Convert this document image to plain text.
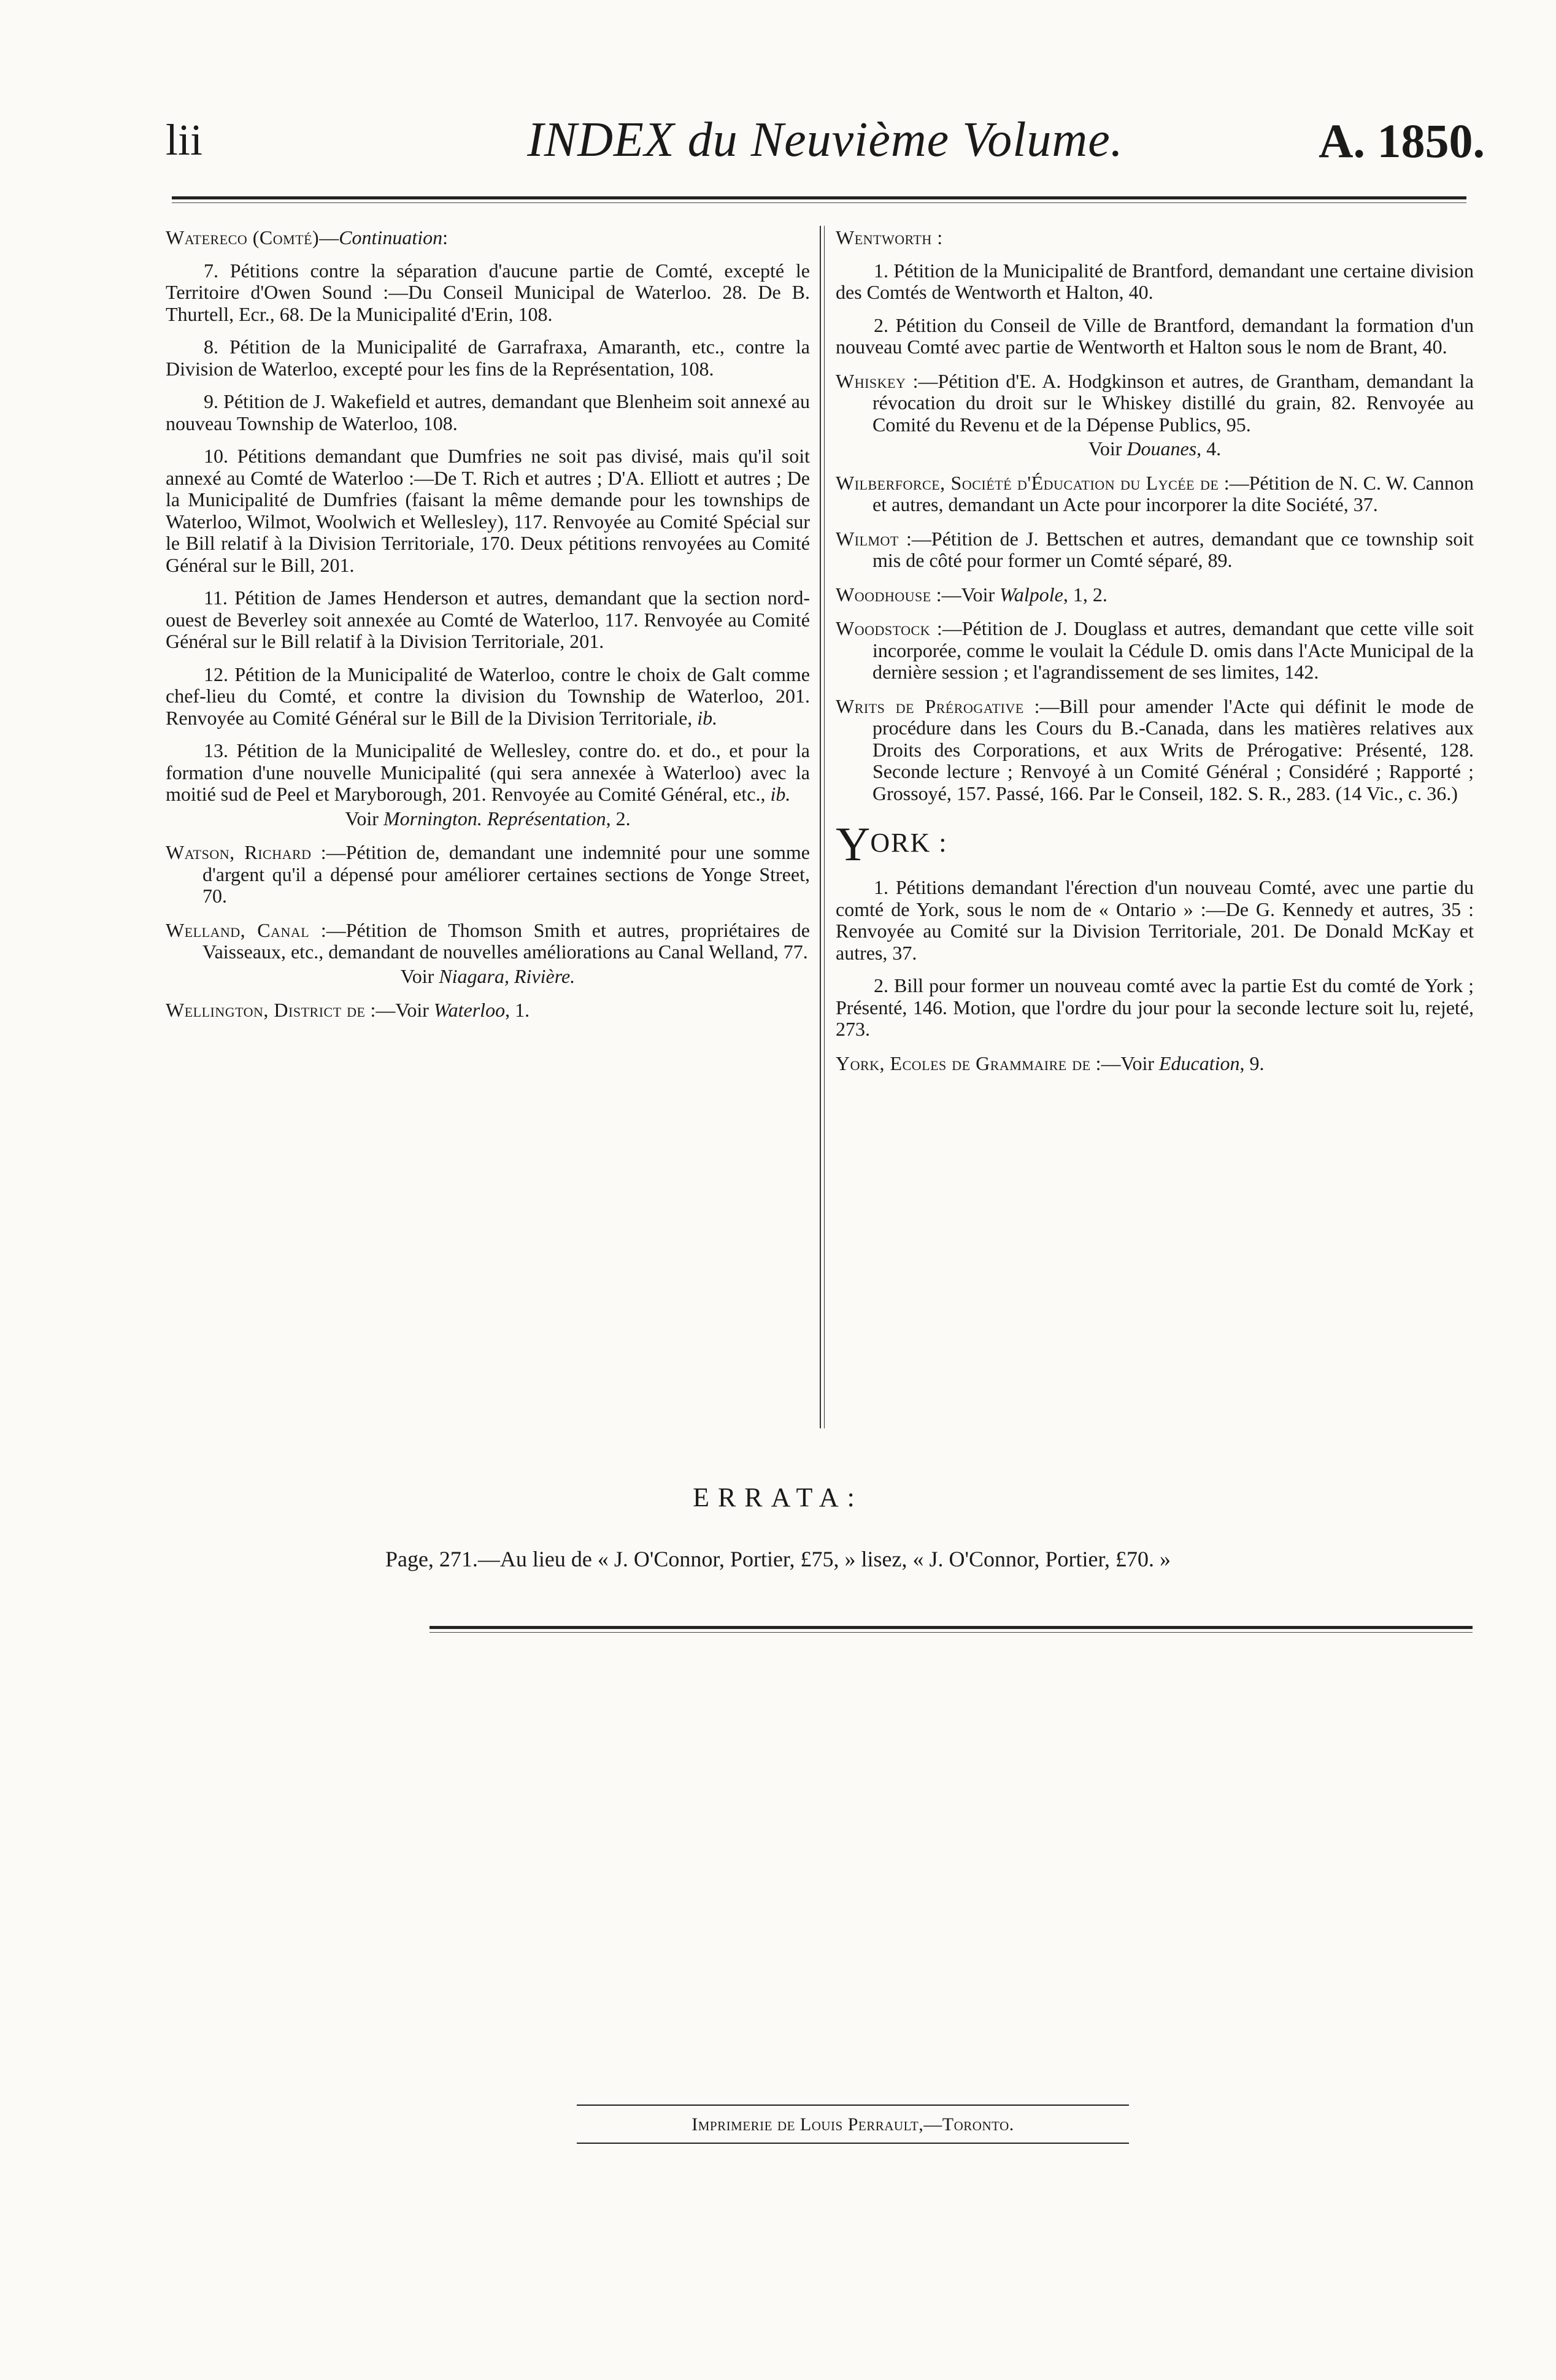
lii	INDEX du Neuvième Volume.	A. 1850.

Watereco (Comté)—Continuation:

7. Pétitions contre la séparation d'aucune partie de Comté, excepté le Territoire d'Owen Sound :—Du Conseil Municipal de Waterloo. 28. De B. Thurtell, Ecr., 68. De la Municipalité d'Erin, 108.

8. Pétition de la Municipalité de Garrafraxa, Amaranth, etc., contre la Division de Waterloo, excepté pour les fins de la Représentation, 108.

9. Pétition de J. Wakefield et autres, demandant que Blenheim soit annexé au nouveau Township de Waterloo, 108.

10. Pétitions demandant que Dumfries ne soit pas divisé, mais qu'il soit annexé au Comté de Waterloo :—De T. Rich et autres ; D'A. Elliott et autres ; De la Municipalité de Dumfries (faisant la même demande pour les townships de Waterloo, Wilmot, Woolwich et Wellesley), 117. Renvoyée au Comité Spécial sur le Bill relatif à la Division Territoriale, 170. Deux pétitions renvoyées au Comité Général sur le Bill, 201.

11. Pétition de James Henderson et autres, demandant que la section nord-ouest de Beverley soit annexée au Comté de Waterloo, 117. Renvoyée au Comité Général sur le Bill relatif à la Division Territoriale, 201.

12. Pétition de la Municipalité de Waterloo, contre le choix de Galt comme chef-lieu du Comté, et contre la division du Township de Waterloo, 201. Renvoyée au Comité Général sur le Bill de la Division Territoriale, ib.

13. Pétition de la Municipalité de Wellesley, contre do. et do., et pour la formation d'une nouvelle Municipalité (qui sera annexée à Waterloo) avec la moitié sud de Peel et Maryborough, 201. Renvoyée au Comité Général, etc., ib.

Voir Mornington. Représentation, 2.

Watson, Richard :—Pétition de, demandant une indemnité pour une somme d'argent qu'il a dépensé pour améliorer certaines sections de Yonge Street, 70.

Welland, Canal :—Pétition de Thomson Smith et autres, propriétaires de Vaisseaux, etc., demandant de nouvelles améliorations au Canal Welland, 77.

Voir Niagara, Rivière.

Wellington, District de :—Voir Waterloo, 1.

Wentworth :

1. Pétition de la Municipalité de Brantford, demandant une certaine division des Comtés de Wentworth et Halton, 40.

2. Pétition du Conseil de Ville de Brantford, demandant la formation d'un nouveau Comté avec partie de Wentworth et Halton sous le nom de Brant, 40.

Whiskey :—Pétition d'E. A. Hodgkinson et autres, de Grantham, demandant la révocation du droit sur le Whiskey distillé du grain, 82. Renvoyée au Comité du Revenu et de la Dépense Publics, 95.

Voir Douanes, 4.

Wilberforce, Société d'Éducation du Lycée de :—Pétition de N. C. W. Cannon et autres, demandant un Acte pour incorporer la dite Société, 37.

Wilmot :—Pétition de J. Bettschen et autres, demandant que ce township soit mis de côté pour former un Comté séparé, 89.

Woodhouse :—Voir Walpole, 1, 2.

Woodstock :—Pétition de J. Douglass et autres, demandant que cette ville soit incorporée, comme le voulait la Cédule D. omis dans l'Acte Municipal de la dernière session ; et l'agrandissement de ses limites, 142.

Writs de Prérogative :—Bill pour amender l'Acte qui définit le mode de procédure dans les Cours du B.-Canada, dans les matières relatives aux Droits des Corporations, et aux Writs de Prérogative: Présenté, 128. Seconde lecture ; Renvoyé à un Comité Général ; Considéré ; Rapporté ; Grossoyé, 157. Passé, 166. Par le Conseil, 182. S. R., 283. (14 Vic., c. 36.)

YORK :

1. Pétitions demandant l'érection d'un nouveau Comté, avec une partie du comté de York, sous le nom de « Ontario » :—De G. Kennedy et autres, 35 : Renvoyée au Comité sur la Division Territoriale, 201. De Donald McKay et autres, 37.

2. Bill pour former un nouveau comté avec la partie Est du comté de York ; Présenté, 146. Motion, que l'ordre du jour pour la seconde lecture soit lu, rejeté, 273.

York, Ecoles de Grammaire de :—Voir Education, 9.

ERRATA:
Page, 271.—Au lieu de « J. O'Connor, Portier, £75, » lisez, « J. O'Connor, Portier, £70. »
Imprimerie de Louis Perrault,—Toronto.
